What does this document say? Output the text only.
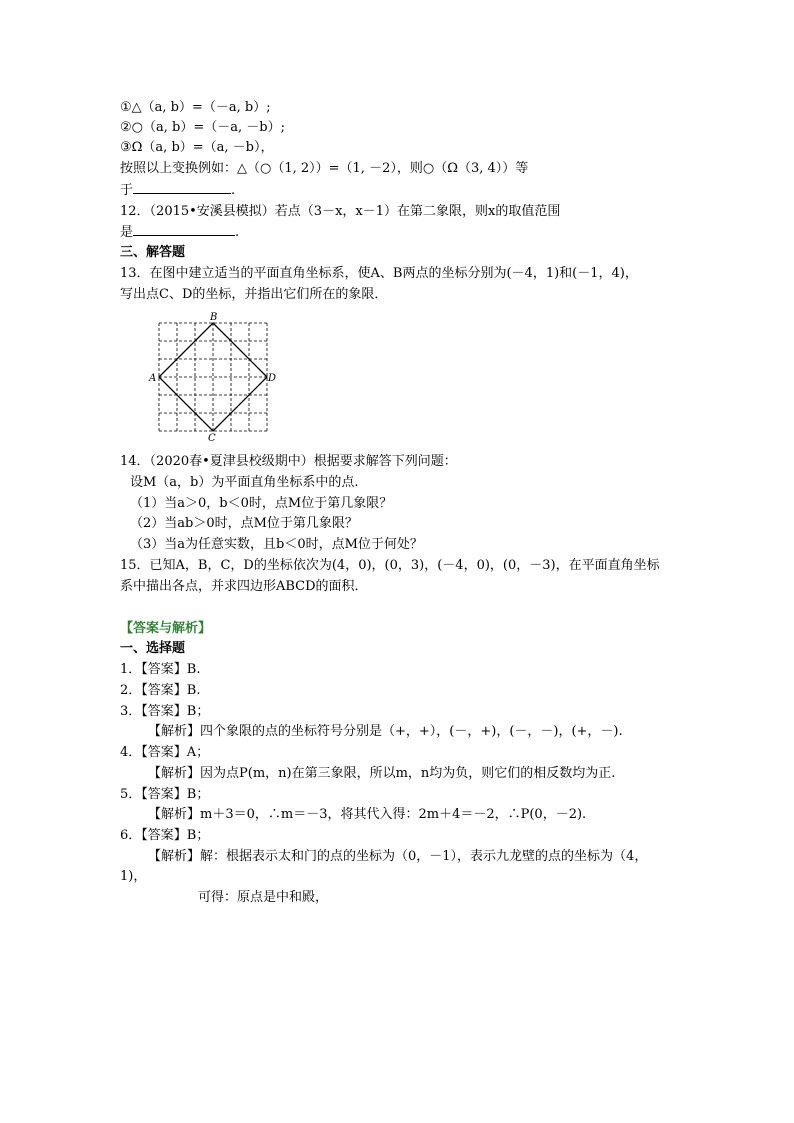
①△（a, b）=（－a, b）;
②○（a, b）=（－a, －b）;
③Ω（a, b）=（a, －b），
按照以上变换例如：△（○（1, 2））=（1, －2），则○（Ω（3, 4））等
于	.
12．（2015•安溪县模拟）若点（3－x，x－1）在第二象限，则x的取值范围
是	.
三、解答题
13．在图中建立适当的平面直角坐标系，使A、B两点的坐标分别为(－4，1)和(－1，4)，
写出点C、D的坐标，并指出它们所在的象限．
B
A	D
C
14．（2020春•夏津县校级期中）根据要求解答下列问题：
设M（a，b）为平面直角坐标系中的点.
（1）当a＞0，b＜0时，点M位于第几象限？
（2）当ab＞0时，点M位于第几象限？
（3）当a为任意实数，且b＜0时，点M位于何处？
15．已知A，B，C，D的坐标依次为(4，0)，(0，3)，(－4，0)，(0，－3)，在平面直角坐标
系中描出各点，并求四边形ABCD的面积．
【答案与解析】
一、选择题
1．【答案】B.
2．【答案】B.
3．【答案】B；
【解析】四个象限的点的坐标符号分别是（+，+），(－，+)，(－，－)，(+，－).
4．【答案】A；
【解析】因为点P(m，n)在第三象限，所以m，n均为负，则它们的相反数均为正.
5．【答案】B；
【解析】m＋3＝0，∴m＝－3，将其代入得：2m＋4＝－2，∴P(0，－2).
6．【答案】B；
【解析】解：根据表示太和门的点的坐标为（0，－1），表示九龙壁的点的坐标为（4，
1)，
可得：原点是中和殿，
